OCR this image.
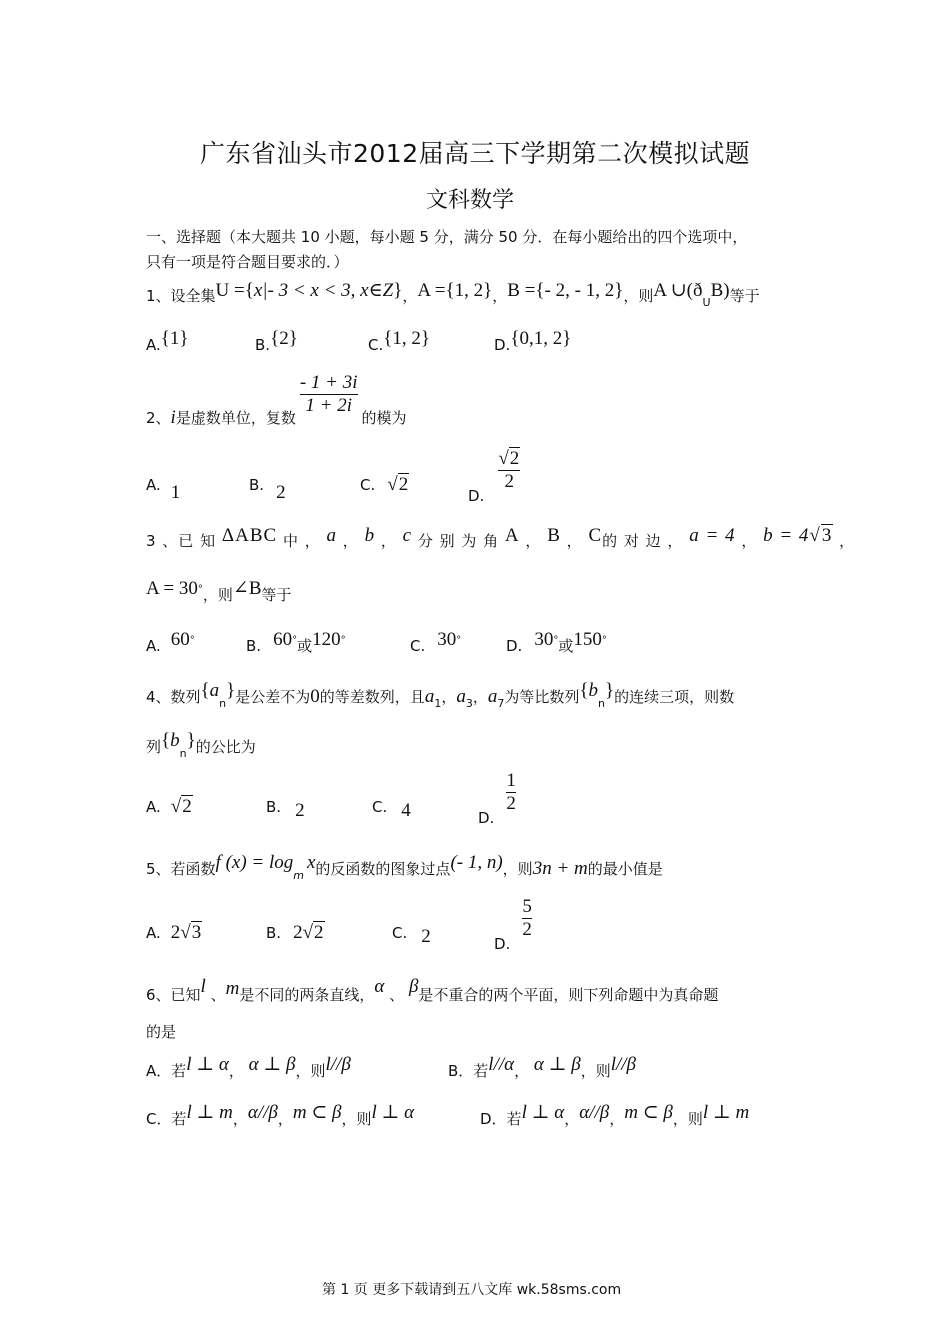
广东省汕头市2012届高三下学期第二次模拟试题
文科数学
一、选择题（本大题共 10 小题，每小题 5 分，满分 50 分．在每小题给出的四个选项中，
只有一项是符合题目要求的．）
1、设全集U ={x|- 3 < x < 3, x∈Z}，A ={1, 2}，B ={- 2, - 1, 2}，则A $\cup(ð_UB)$等于
A.{1}	B.{2}	C.{1, 2}	D.{0,1, 2}
2、i是虚数单位，复数
$\frac{- 1 + 3i}{1 + 2i}$
的模为
A. 1	B. 2	C. √2
D.
$\frac{√2}{2}$
3 、已 知 ΔABC 中 ， a ， b ， c 分 别 为 角 A ， B ， C的 对 边 ， a = 4 ， b = 4√3 ，
A = 30°，则∠B等于
A. 60°	B. 60°或120°	C. 30°	D. 30°或150°
4、数列$\{a_n\}$是公差不为0的等差数列，且$a_1$，$a_3$，$a_7$为等比数列$\{b_n\}$的连续三项，则数
列$\{b_n\}$的公比为
A. √2	B. 2	C. 4	D.
$\frac{1}{2}$
5、若函数f $(x) = \log_mx$的反函数的图象过点(- 1, n)，则3n + m的最小值是
A. 2√3	B. 2√2	C. 2	D.
$\frac{5}{2}$
6、已知l 、m是不同的两条直线，α 、 β是不重合的两个平面，则下列命题中为真命题
的是
A．若l ⊥ α， α ⊥ β，则l//β	B．若l//α， α ⊥ β，则l//β
C．若l ⊥ m，α//β，m ⊂ β，则l ⊥ α	D．若l ⊥ α，α//β，m ⊂ β，则l ⊥ m
第 1 页 更多下载请到五八文库 wk.58sms.com
